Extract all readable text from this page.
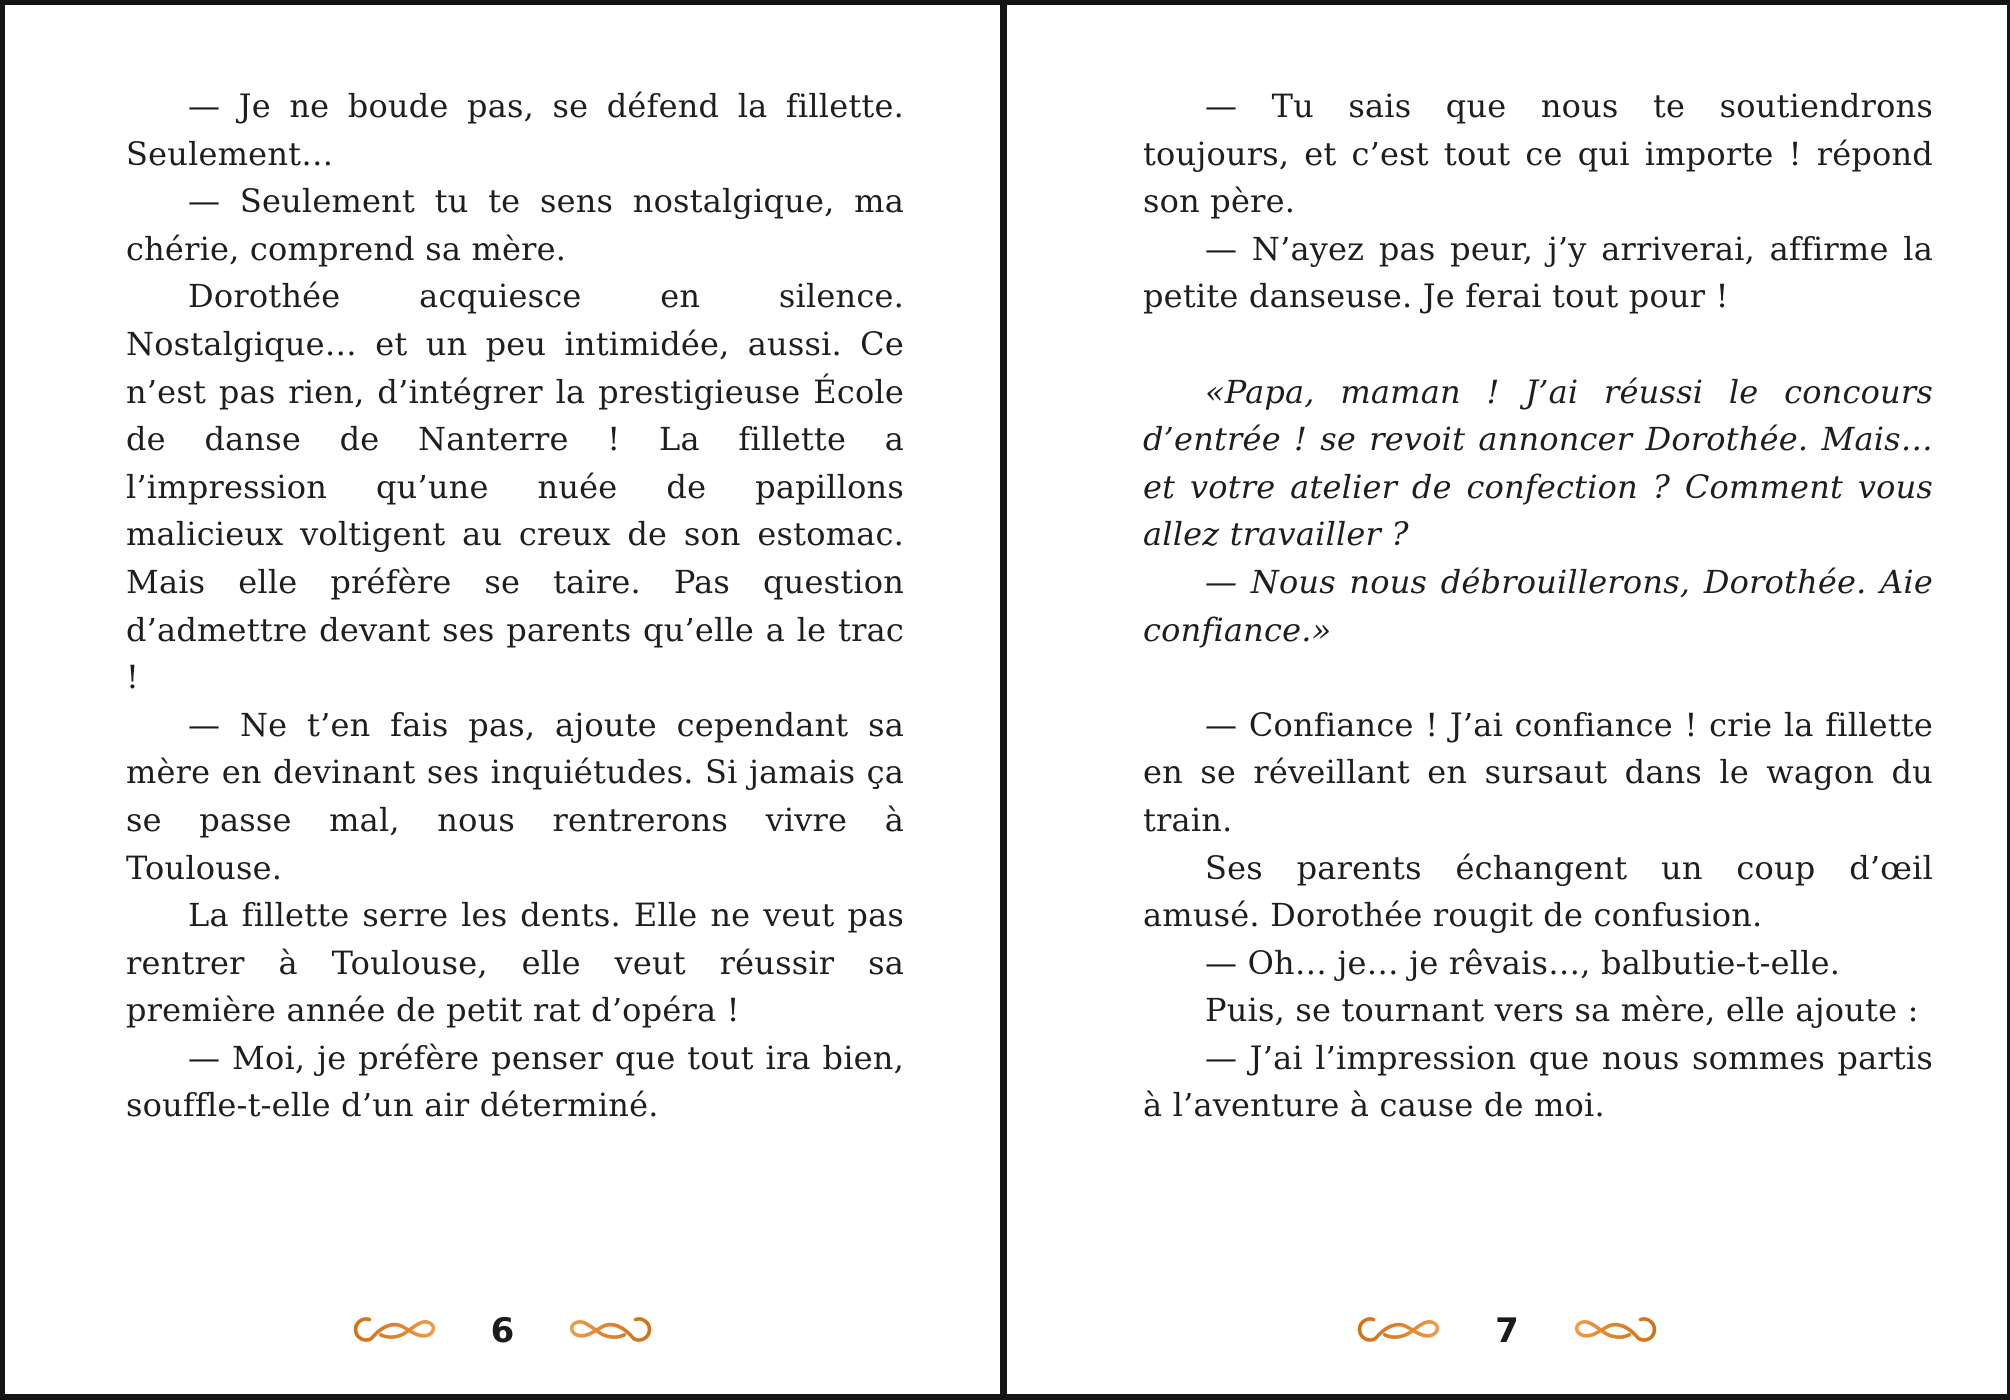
— Je ne boude pas, se défend la fillette. Seulement…

— Seulement tu te sens nostalgique, ma chérie, comprend sa mère.

Dorothée acquiesce en silence. Nostalgique… et un peu intimidée, aussi. Ce n’est pas rien, d’intégrer la prestigieuse École de danse de Nanterre ! La fillette a l’impression qu’une nuée de papillons malicieux voltigent au creux de son estomac. Mais elle préfère se taire. Pas question d’admettre devant ses parents qu’elle a le trac !

— Ne t’en fais pas, ajoute cependant sa mère en devinant ses inquiétudes. Si jamais ça se passe mal, nous rentrerons vivre à Toulouse.

La fillette serre les dents. Elle ne veut pas rentrer à Toulouse, elle veut réussir sa première année de petit rat d’opéra !

— Moi, je préfère penser que tout ira bien, souffle-t-elle d’un air déterminé.

6

— Tu sais que nous te soutiendrons toujours, et c’est tout ce qui importe ! répond son père.

— N’ayez pas peur, j’y arriverai, affirme la petite danseuse. Je ferai tout pour !

«Papa, maman ! J’ai réussi le concours d’entrée ! se revoit annoncer Dorothée. Mais… et votre atelier de confection ? Comment vous allez travailler ?

— Nous nous débrouillerons, Dorothée. Aie confiance.»

— Confiance ! J’ai confiance ! crie la fillette en se réveillant en sursaut dans le wagon du train.

Ses parents échangent un coup d’œil amusé. Dorothée rougit de confusion.

— Oh… je… je rêvais…, balbutie-t-elle.

Puis, se tournant vers sa mère, elle ajoute :

— J’ai l’impression que nous sommes partis à l’aventure à cause de moi.

7
